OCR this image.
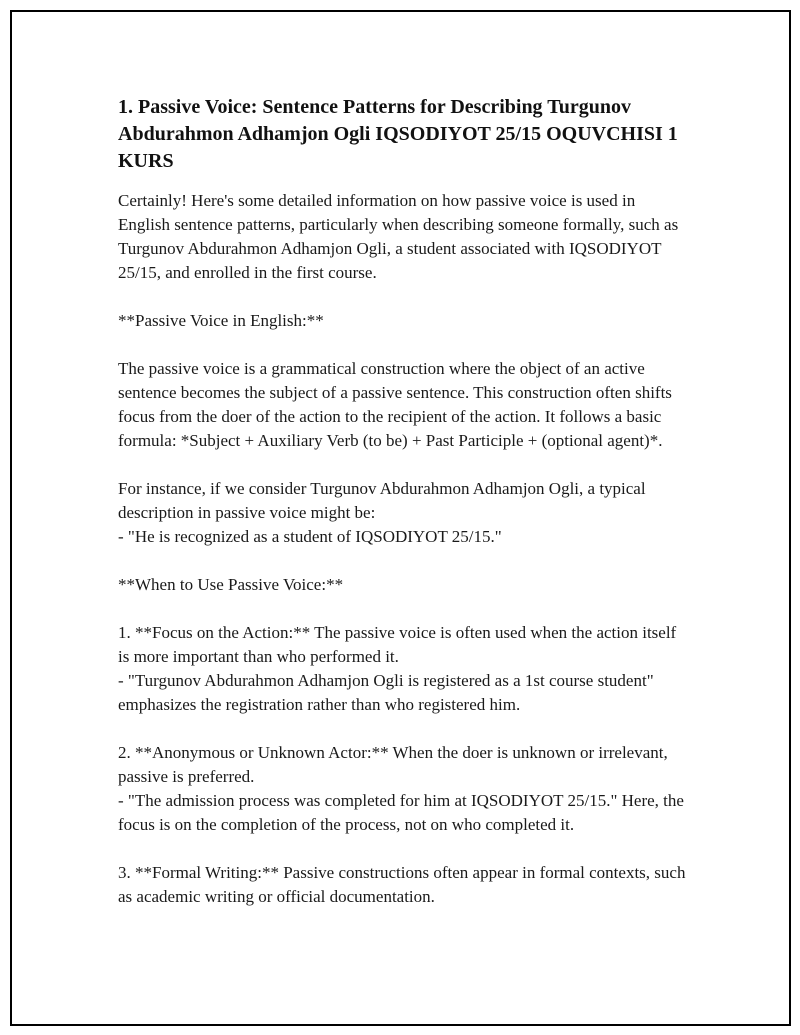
1. Passive Voice: Sentence Patterns for Describing Turgunov Abdurahmon Adhamjon Ogli IQSODIYOT 25/15 OQUVCHISI 1 KURS

Certainly! Here's some detailed information on how passive voice is used in English sentence patterns, particularly when describing someone formally, such as Turgunov Abdurahmon Adhamjon Ogli, a student associated with IQSODIYOT 25/15, and enrolled in the first course.

**Passive Voice in English:**

The passive voice is a grammatical construction where the object of an active sentence becomes the subject of a passive sentence. This construction often shifts focus from the doer of the action to the recipient of the action. It follows a basic formula: *Subject + Auxiliary Verb (to be) + Past Participle + (optional agent)*.

For instance, if we consider Turgunov Abdurahmon Adhamjon Ogli, a typical description in passive voice might be:
- "He is recognized as a student of IQSODIYOT 25/15."

**When to Use Passive Voice:**

1. **Focus on the Action:** The passive voice is often used when the action itself is more important than who performed it.
- "Turgunov Abdurahmon Adhamjon Ogli is registered as a 1st course student" emphasizes the registration rather than who registered him.

2. **Anonymous or Unknown Actor:** When the doer is unknown or irrelevant, passive is preferred.
- "The admission process was completed for him at IQSODIYOT 25/15." Here, the focus is on the completion of the process, not on who completed it.

3. **Formal Writing:** Passive constructions often appear in formal contexts, such as academic writing or official documentation.
